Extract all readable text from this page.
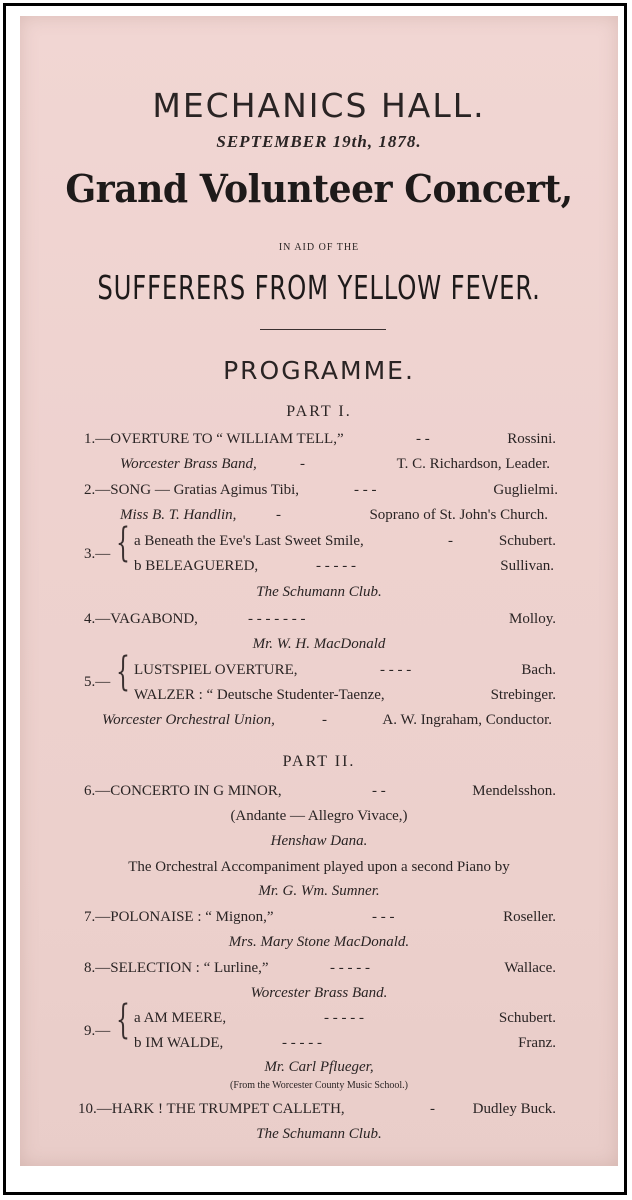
MECHANICS HALL.
SEPTEMBER 19th, 1878.
Grand Volunteer Concert,
IN AID OF THE
SUFFERERS FROM YELLOW FEVER.
PROGRAMME.
PART I.
1.—OVERTURE TO “ WILLIAM TELL,”	- -	Rossini.
Worcester Brass Band,	-	T. C. Richardson, Leader.
2.—SONG — Gratias Agimus Tibi,	- - -	Guglielmi.
Miss B. T. Handlin,	-	Soprano of St. John's Church.
3.— { a Beneath the Eve's Last Sweet Smile,	-	Schubert.
b BELEAGUERED,	- - - - -	Sullivan.
The Schumann Club.
4.—VAGABOND,	- - - - - - -	Molloy.
Mr. W. H. MacDonald
5.— { LUSTSPIEL OVERTURE,	- - - -	Bach.
WALZER : “ Deutsche Studenter-Taenze,	Strebinger.
Worcester Orchestral Union,	-	A. W. Ingraham, Conductor.
PART II.
6.—CONCERTO IN G MINOR,	- -	Mendelsshon.
(Andante — Allegro Vivace,)
Henshaw Dana.
The Orchestral Accompaniment played upon a second Piano by
Mr. G. Wm. Sumner.
7.—POLONAISE : “ Mignon,”	- - -	Roseller.
Mrs. Mary Stone MacDonald.
8.—SELECTION : “ Lurline,”	- - - - -	Wallace.
Worcester Brass Band.
9.— { a AM MEERE,	- - - - -	Schubert.
b IM WALDE,	- - - - -	Franz.
Mr. Carl Pflueger,
(From the Worcester County Music School.)
10.—HARK ! THE TRUMPET CALLETH,	-	Dudley Buck.
The Schumann Club.
